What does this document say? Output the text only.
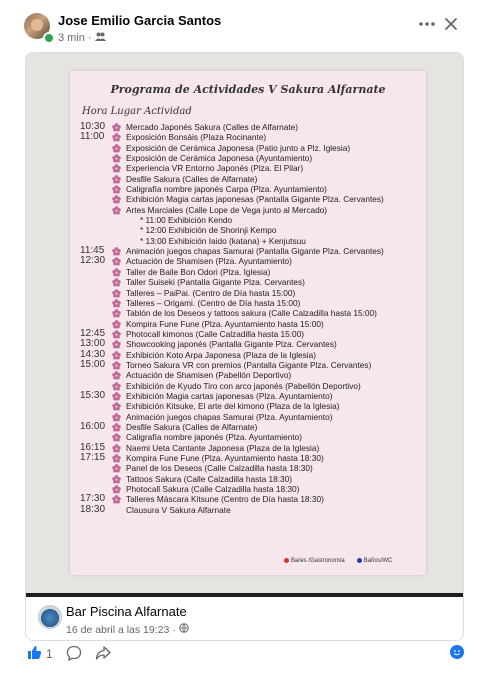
Jose Emilio Garcia Santos
3 min ·
Programa de Actividades V Sakura Alfarnate
Hora Lugar Actividad
10:30	Mercado Japonés Sakura (Calles de Alfarnate)
11:00	Exposición Bonsáis (Plaza Rocinante)
Exposición de Cerámica Japonesa (Patio junto a Plz. Iglesia)
Exposición de Cerámica Japonesa (Ayuntamiento)
Experiencia VR Entorno Japonés (Plza. El Pilar)
Desfile Sakura (Calles de Alfarnate)
Caligrafía nombre japonés Carpa (Plza. Ayuntamiento)
Exhibición Magia cartas japonesas (Pantalla Gigante Plza. Cervantes)
Artes Marciales (Calle Lope de Vega junto al Mercado)
* 11:00 Exhibición Kendo
* 12:00 Exhibición de Shorinji Kempo
* 13:00 Exhibición Iaido (katana) + Kenjutsuu
11:45	Animación juegos chapas Samurai (Pantalla Gigante Plza. Cervantes)
12:30	Actuación de Shamisen (Plza. Ayuntamiento)
Taller de Baile Bon Odori (Plza. Iglesia)
Taller Suiseki (Pantalla Gigante Plza. Cervantes)
Talleres – PaiPai. (Centro de Día hasta 15:00)
Talleres – Origami. (Centro de Día hasta 15:00)
Tablón de los Deseos y tattoos sakura (Calle Calzadilla hasta 15:00)
Kompira Fune Fune (Plza. Ayuntamiento hasta 15:00)
12:45	Photocall kimonos (Calle Calzadilla hasta 15:00)
13:00	Showcooking japonés (Pantalla Gigante Plza. Cervantes)
14:30	Exhibición Koto Arpa Japonesa (Plaza de la Iglesia)
15:00	Torneo Sakura VR con premios (Pantalla Gigante Plza. Cervantes)
Actuación de Shamisen (Pabellón Deportivo)
Exhibición de Kyudo Tiro con arco japonés (Pabellón Deportivo)
15:30	Exhibición Magia cartas japonesas (Plza. Ayuntamiento)
Exhibición Kitsuke, El arte del kimono (Plaza de la Iglesia)
Animación juegos chapas Samurai (Plza. Ayuntamiento)
16:00	Desfile Sakura (Calles de Alfarnate)
Caligrafía nombre japonés (Plza. Ayuntamiento)
16:15	Naemi Ueta Cantante Japonesa (Plaza de la Iglesia)
17:15	Kompira Fune Fune (Plza. Ayuntamiento hasta 18:30)
Panel de los Deseos (Calle Calzadilla hasta 18:30)
Tattoos Sakura (Calle Calzadilla hasta 18:30)
Photocall Sakura (Calle Calzadilla hasta 18:30)
17:30	Talleres Máscara Kitsune (Centro de Día hasta 18:30)
18:30	Clausura V Sakura Alfarnate
Bares /Gastronomía	Baños/WC
Bar Piscina Alfarnate
16 de abril a las 19:23 ·
1
